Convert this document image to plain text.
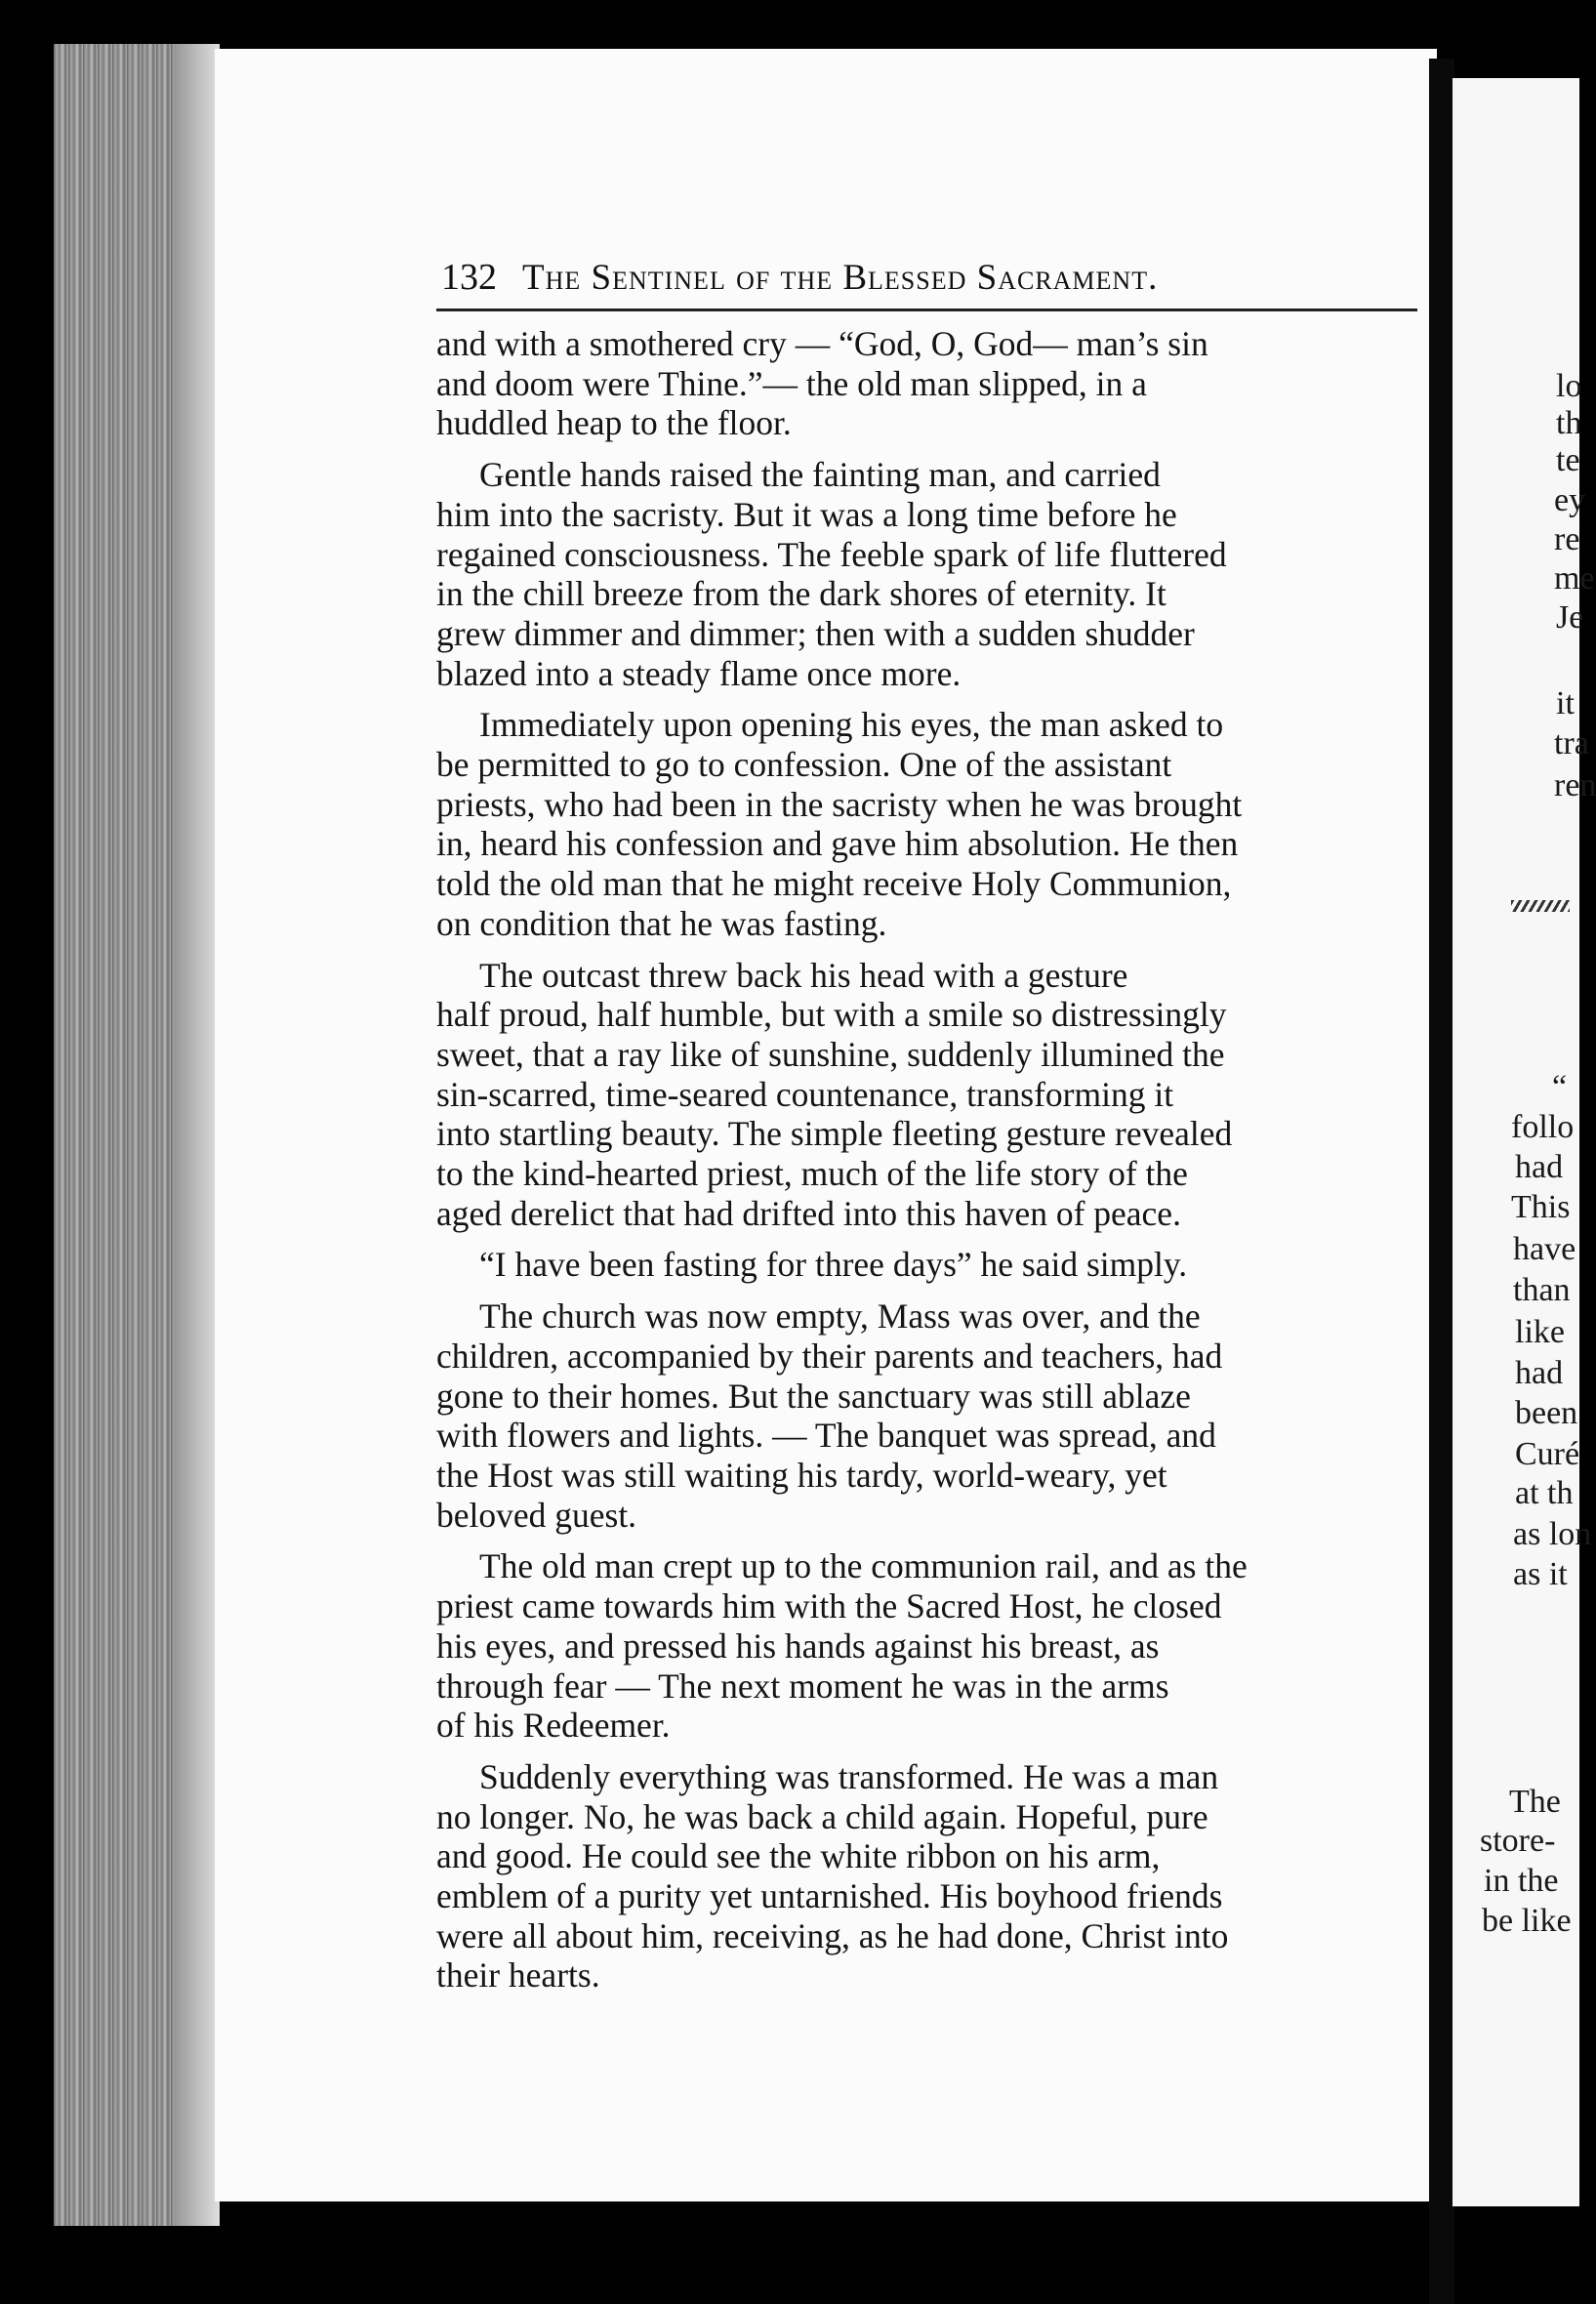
132 The Sentinel of the Blessed Sacrament.

and with a smothered cry — “God, O, God— man’s sin
and doom were Thine.”— the old man slipped, in a
huddled heap to the floor.

Gentle hands raised the fainting man, and carried
him into the sacristy. But it was a long time before he
regained consciousness. The feeble spark of life fluttered
in the chill breeze from the dark shores of eternity. It
grew dimmer and dimmer; then with a sudden shudder
blazed into a steady flame once more.

Immediately upon opening his eyes, the man asked to
be permitted to go to confession. One of the assistant
priests, who had been in the sacristy when he was brought
in, heard his confession and gave him absolution. He then
told the old man that he might receive Holy Communion,
on condition that he was fasting.

The outcast threw back his head with a gesture
half proud, half humble, but with a smile so distressingly
sweet, that a ray like of sunshine, suddenly illumined the
sin-scarred, time-seared countenance, transforming it
into startling beauty. The simple fleeting gesture revealed
to the kind-hearted priest, much of the life story of the
aged derelict that had drifted into this haven of peace.

“I have been fasting for three days” he said simply.

The church was now empty, Mass was over, and the
children, accompanied by their parents and teachers, had
gone to their homes. But the sanctuary was still ablaze
with flowers and lights. — The banquet was spread, and
the Host was still waiting his tardy, world-weary, yet
beloved guest.

The old man crept up to the communion rail, and as the
priest came towards him with the Sacred Host, he closed
his eyes, and pressed his hands against his breast, as
through fear — The next moment he was in the arms
of his Redeemer.

Suddenly everything was transformed. He was a man
no longer. No, he was back a child again. Hopeful, pure
and good. He could see the white ribbon on his arm,
emblem of a purity yet untarnished. His boyhood friends
were all about him, receiving, as he had done, Christ into
their hearts.

lo
th
te
ey
re
me
Je
it
tra
ren
“
follo
had
This
have
than
like
had
been
Curé
at th
as lon
as it
The
store-
in the
be like
